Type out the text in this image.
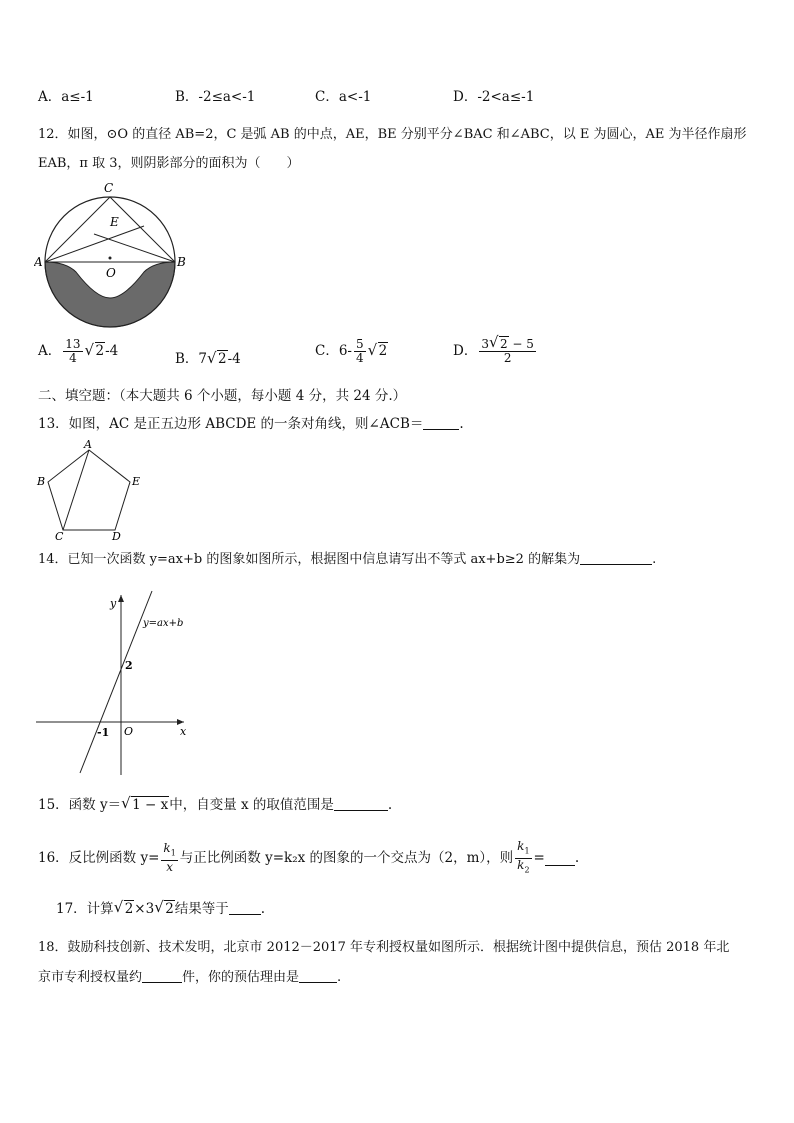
A．a≤-1	B．-2≤a<-1	C．a<-1	D．-2<a≤-1
12．如图，⊙O 的直径 AB=2，C 是弧 AB 的中点，AE，BE 分别平分∠BAC 和∠ABC，以 E 为圆心，AE 为半径作扇形
EAB，π 取 3，则阴影部分的面积为（　　）
C
E
A
O
B
A． $\frac{13}{4}$ √ 2-4	B．7 √ 2-4	C．$6- \frac{5}{4}$ √ 2	D． $\frac{3 √ 2 - 5}{2}$
二、填空题：（本大题共 6 个小题，每小题 4 分，共 24 分.）
13．如图，AC 是正五边形 ABCDE 的一条对角线，则∠ACB＝	.
A
B	E
C	D
14．已知一次函数 y=ax+b 的图象如图所示，根据图中信息请写出不等式 ax+b≥2 的解集为	.
y
x
y=ax+b
2
-1 O
15．函数 y＝ √ 1 − x中，自变量 x 的取值范围是	.
16．反比例函数 $y= \frac{k_1}{x}$ 与正比例函数 y=k₂x 的图象的一个交点为（2，m），则 $\frac{k_1}{k_2}$ = .
17．计算 √ 2×3 √ 2结果等于 .
18．鼓励科技创新、技术发明，北京市 2012－2017 年专利授权量如图所示．根据统计图中提供信息，预估 2018 年北
京市专利授权量约	件，你的预估理由是	.
